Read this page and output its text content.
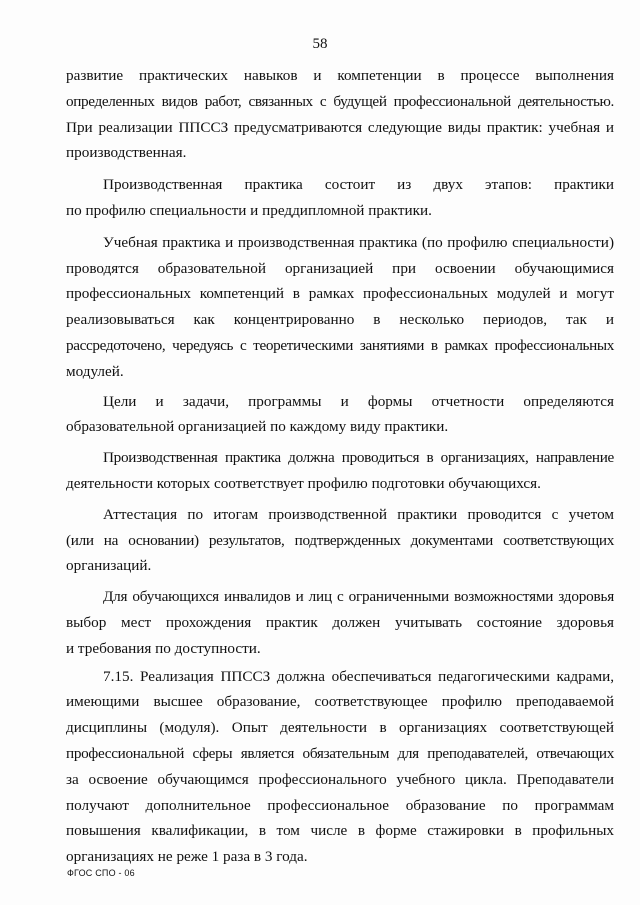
58
развитие практических навыков и компетенции в процессе выполнения
определенных видов работ, связанных с будущей профессиональной деятельностью.
При реализации ППССЗ предусматриваются следующие виды практик: учебная и
производственная.
Производственная практика состоит из двух этапов: практики
по профилю специальности и преддипломной практики.
Учебная практика и производственная практика (по профилю специальности)
проводятся образовательной организацией при освоении обучающимися
профессиональных компетенций в рамках профессиональных модулей и могут
реализовываться как концентрированно в несколько периодов, так и
рассредоточено, чередуясь с теоретическими занятиями в рамках профессиональных
модулей.
Цели и задачи, программы и формы отчетности определяются
образовательной организацией по каждому виду практики.
Производственная практика должна проводиться в организациях, направление
деятельности которых соответствует профилю подготовки обучающихся.
Аттестация по итогам производственной практики проводится с учетом
(или на основании) результатов, подтвержденных документами соответствующих
организаций.
Для обучающихся инвалидов и лиц с ограниченными возможностями здоровья
выбор мест прохождения практик должен учитывать состояние здоровья
и требования по доступности.
7.15. Реализация ППССЗ должна обеспечиваться педагогическими кадрами,
имеющими высшее образование, соответствующее профилю преподаваемой
дисциплины (модуля). Опыт деятельности в организациях соответствующей
профессиональной сферы является обязательным для преподавателей, отвечающих
за освоение обучающимся профессионального учебного цикла. Преподаватели
получают дополнительное профессиональное образование по программам
повышения квалификации, в том числе в форме стажировки в профильных
организациях не реже 1 раза в 3 года.
ФГОС СПО - 06
